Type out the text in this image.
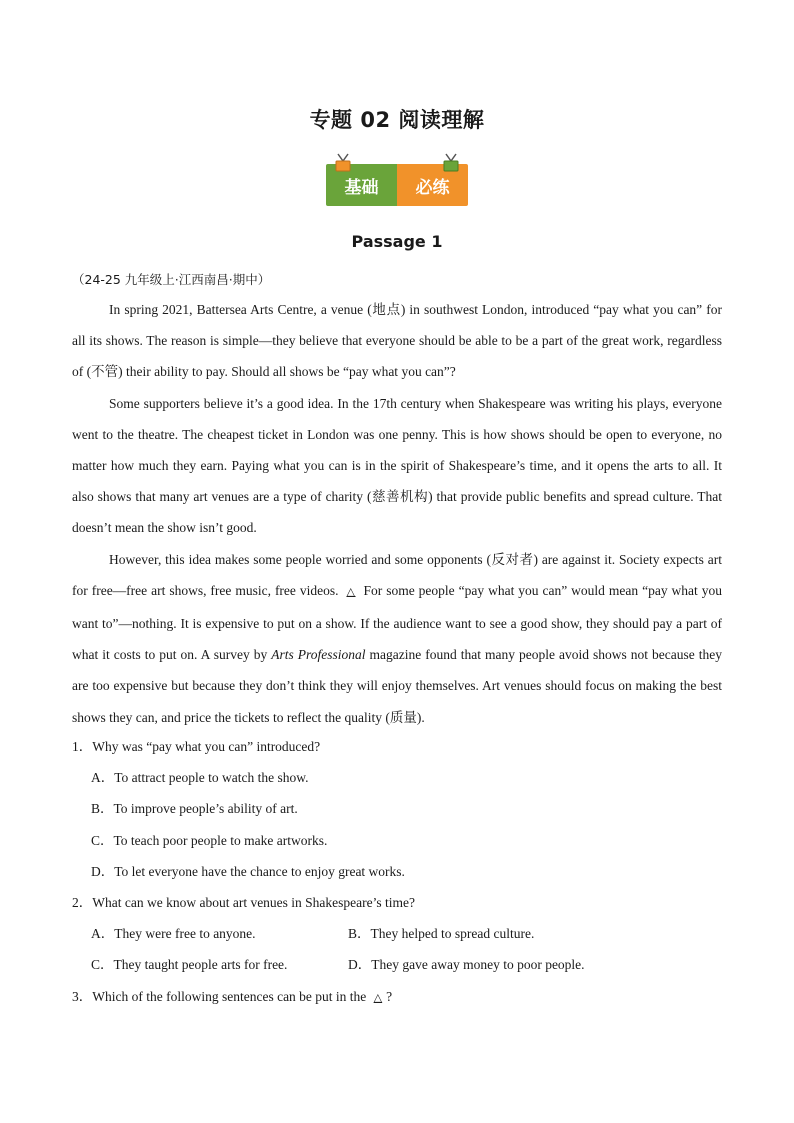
专题 02 阅读理解
基础	必练
Passage 1
（24-25 九年级上·江西南昌·期中）

In spring 2021, Battersea Arts Centre, a venue (地点) in southwest London, introduced “pay what you can” for all its shows. The reason is simple—they believe that everyone should be able to be a part of the great work, regardless of (不管) their ability to pay. Should all shows be “pay what you can”?

Some supporters believe it’s a good idea. In the 17th century when Shakespeare was writing his plays, everyone went to the theatre. The cheapest ticket in London was one penny. This is how shows should be open to everyone, no matter how much they earn. Paying what you can is in the spirit of Shakespeare’s time, and it opens the arts to all. It also shows that many art venues are a type of charity (慈善机构) that provide public benefits and spread culture. That doesn’t mean the show isn’t good.

However, this idea makes some people worried and some opponents (反对者) are against it. Society expects art for free—free art shows, free music, free videos. △ For some people “pay what you can” would mean “pay what you want to”—nothing. It is expensive to put on a show. If the audience want to see a good show, they should pay a part of what it costs to put on. A survey by Arts Professional magazine found that many people avoid shows not because they are too expensive but because they don’t think they will enjoy themselves. Art venues should focus on making the best shows they can, and price the tickets to reflect the quality (质量).

1．Why was “pay what you can” introduced?
A．To attract people to watch the show.
B．To improve people’s ability of art.
C．To teach poor people to make artworks.
D．To let everyone have the chance to enjoy great works.
2．What can we know about art venues in Shakespeare’s time?
A．They were free to anyone.	B．They helped to spread culture.
C．They taught people arts for free.	D．They gave away money to poor people.
3．Which of the following sentences can be put in the △ ?
